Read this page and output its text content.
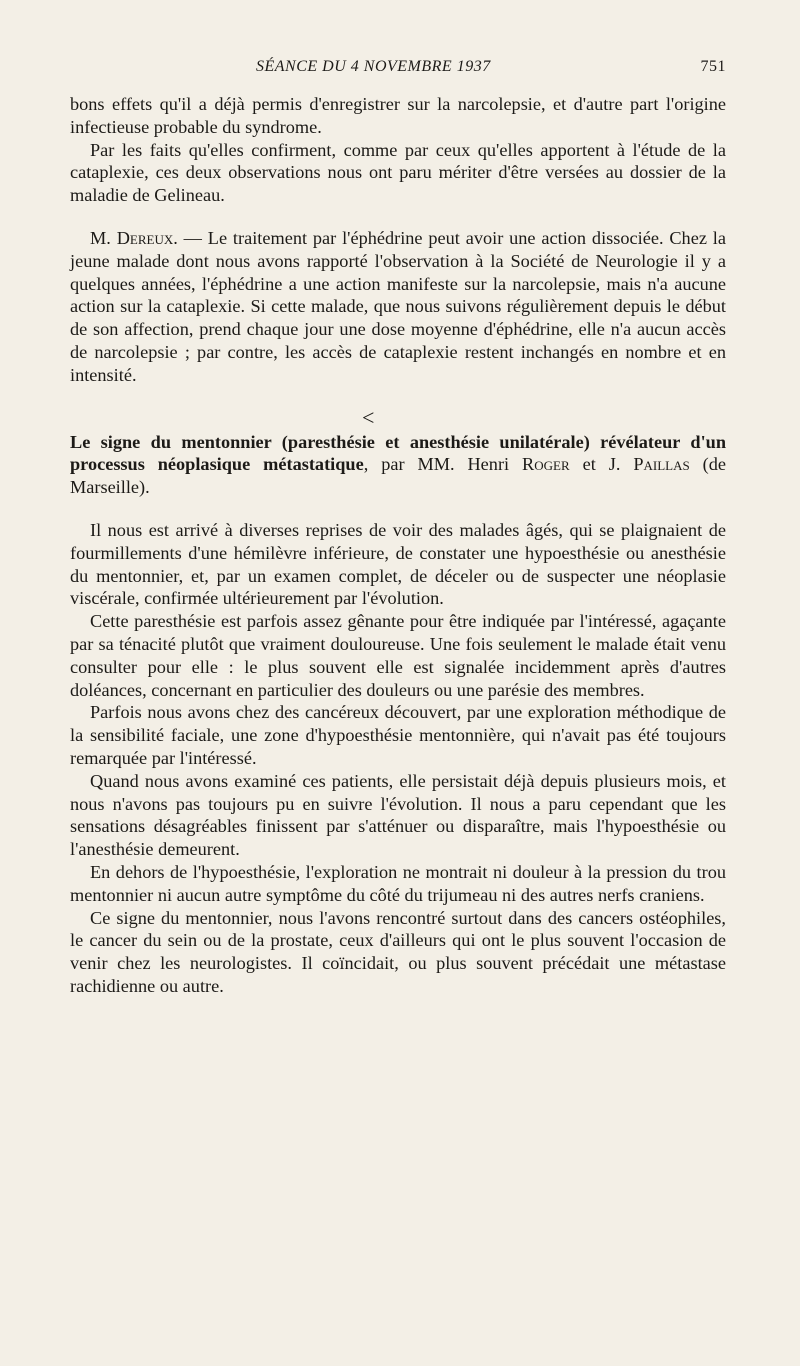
SÉANCE DU 4 NOVEMBRE 1937	751

bons effets qu'il a déjà permis d'enregistrer sur la narcolepsie, et d'autre part l'origine infectieuse probable du syndrome.

Par les faits qu'elles confirment, comme par ceux qu'elles apportent à l'étude de la cataplexie, ces deux observations nous ont paru mériter d'être versées au dossier de la maladie de Gelineau.

M. Dereux. — Le traitement par l'éphédrine peut avoir une action dissociée. Chez la jeune malade dont nous avons rapporté l'observation à la Société de Neurologie il y a quelques années, l'éphédrine a une action manifeste sur la narcolepsie, mais n'a aucune action sur la cataplexie. Si cette malade, que nous suivons régulièrement depuis le début de son affection, prend chaque jour une dose moyenne d'éphédrine, elle n'a aucun accès de narcolepsie ; par contre, les accès de cataplexie restent inchangés en nombre et en intensité.

<

Le signe du mentonnier (paresthésie et anesthésie unilatérale) révélateur d'un processus néoplasique métastatique, par MM. Henri Roger et J. Paillas (de Marseille).

Il nous est arrivé à diverses reprises de voir des malades âgés, qui se plaignaient de fourmillements d'une hémilèvre inférieure, de constater une hypoesthésie ou anesthésie du mentonnier, et, par un examen complet, de déceler ou de suspecter une néoplasie viscérale, confirmée ultérieurement par l'évolution.

Cette paresthésie est parfois assez gênante pour être indiquée par l'intéressé, agaçante par sa ténacité plutôt que vraiment douloureuse. Une fois seulement le malade était venu consulter pour elle : le plus souvent elle est signalée incidemment après d'autres doléances, concernant en particulier des douleurs ou une parésie des membres.

Parfois nous avons chez des cancéreux découvert, par une exploration méthodique de la sensibilité faciale, une zone d'hypoesthésie mentonnière, qui n'avait pas été toujours remarquée par l'intéressé.

Quand nous avons examiné ces patients, elle persistait déjà depuis plusieurs mois, et nous n'avons pas toujours pu en suivre l'évolution. Il nous a paru cependant que les sensations désagréables finissent par s'atténuer ou disparaître, mais l'hypoesthésie ou l'anesthésie demeurent.

En dehors de l'hypoesthésie, l'exploration ne montrait ni douleur à la pression du trou mentonnier ni aucun autre symptôme du côté du trijumeau ni des autres nerfs craniens.

Ce signe du mentonnier, nous l'avons rencontré surtout dans des cancers ostéophiles, le cancer du sein ou de la prostate, ceux d'ailleurs qui ont le plus souvent l'occasion de venir chez les neurologistes. Il coïncidait, ou plus souvent précédait une métastase rachidienne ou autre.
